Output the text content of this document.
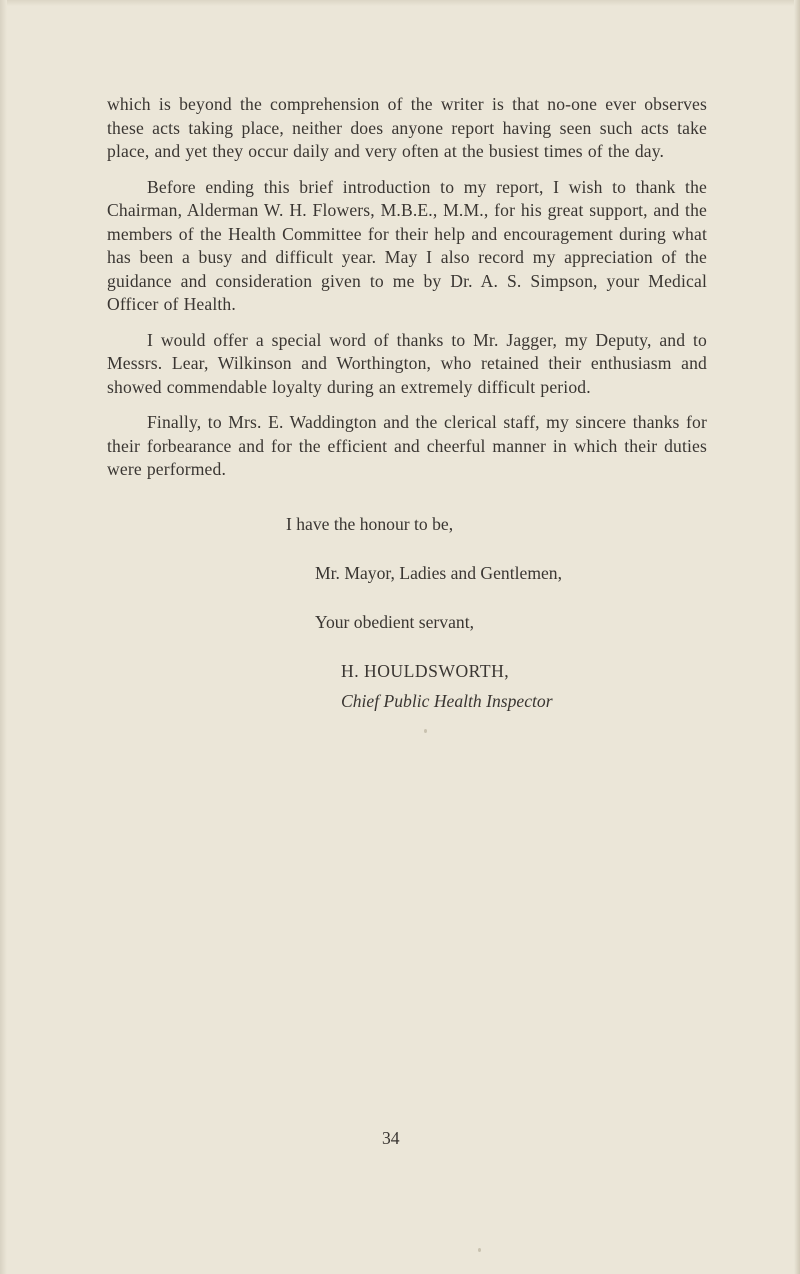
which is beyond the comprehension of the writer is that no-one ever observes these acts taking place, neither does anyone report having seen such acts take place, and yet they occur daily and very often at the busiest times of the day.

Before ending this brief introduction to my report, I wish to thank the Chairman, Alderman W. H. Flowers, M.B.E., M.M., for his great support, and the members of the Health Committee for their help and encouragement during what has been a busy and difficult year. May I also record my appreciation of the guidance and consideration given to me by Dr. A. S. Simpson, your Medical Officer of Health.

I would offer a special word of thanks to Mr. Jagger, my Deputy, and to Messrs. Lear, Wilkinson and Worthington, who retained their enthusiasm and showed commendable loyalty during an extremely difficult period.

Finally, to Mrs. E. Waddington and the clerical staff, my sincere thanks for their forbearance and for the efficient and cheerful manner in which their duties were performed.

I have the honour to be,
Mr. Mayor, Ladies and Gentlemen,
Your obedient servant,
H. HOULDSWORTH,
Chief Public Health Inspector
34
